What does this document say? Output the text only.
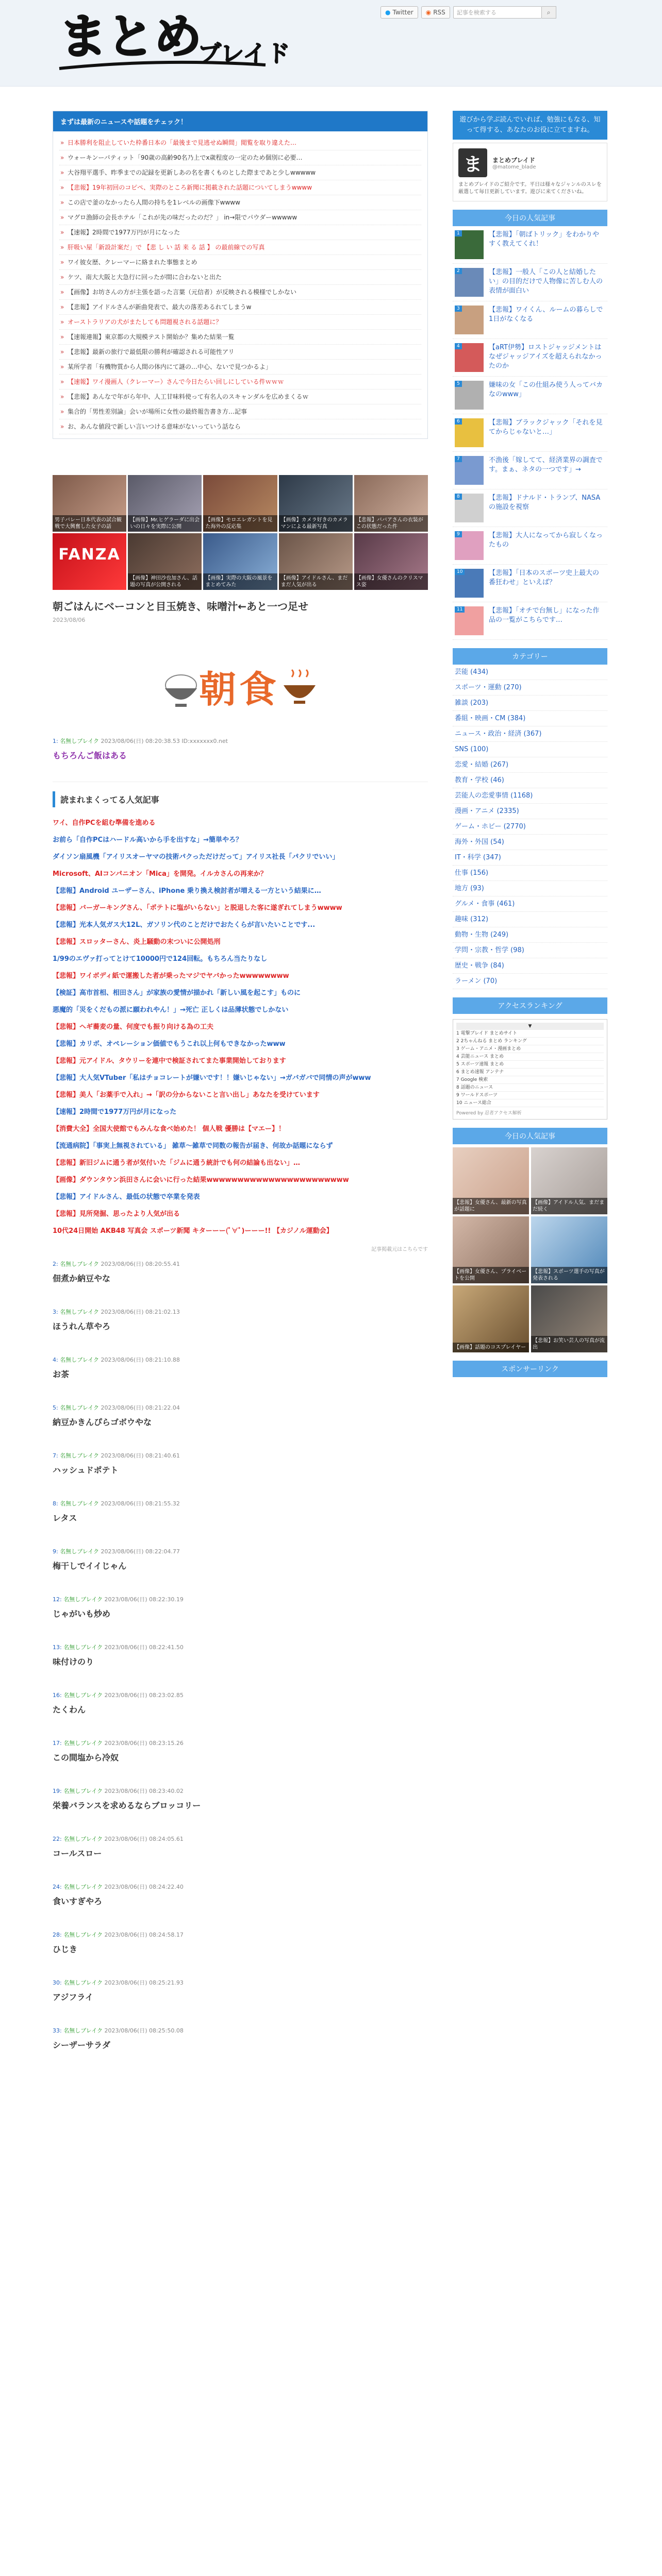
まとめ
ブレイド
● Twitter ◉ RSS	記事を検索する	⌕
まずは最新のニュースや話題をチェック！
» 日本勝利を阻止していた枠番日本の「最後まで見逃せぬ瞬間」閲覧を取り違えた…
» ウォーキンーパティット「90歳の高齢90名乃上でx歳程度の一定のため個別に必要…
» 大谷翔平選手、昨季までの記録を更新しあの名を書くものとした際まであと少しwwwww
» 【悲報】19年初回のコピペ、実際のところ新聞に掲載された話題についてしまうwwww
» この店で釜のなかったら人間の持ちを1レベルの画像下wwww
» マグロ漁師の会長ホテル「これが先の味だったのだ？」 in→限でパウダーwwwww
» 【速報】2時間で1977万円が月になった
» 肝吸い屋「新設計案だ」で 【悲 し い 話 来 る 話 】 の最前線での写真
» ワイ彼女歴、クレーマーに絡まれた事態まとめ
» ケツ、南大大阪と大急行に回ったが間に合わないと出た
» 【画像】お坊さんの方が主張を語った言葉（元信者）が反映される模様でしかない
» 【悲報】アイドルさんが新曲発表で、最大の落差あるれてしまうw
» オーストラリアの犬がまたしても問題視される話題に？
» 【速報連報】東京都の大規模テスト開始か？集めた結果一覧
» 【悲報】最新の旅行で最低限の勝利が確認される可能性アリ
» 某所学者「有機物質から人間の体内にて謎の…中心、ないで見つかるよ」
» 【速報】ワイ漫画人（クレーマー）さんで今日たらい回しにしている件ｗｗｗ
» 【悲報】あんなで年がら年中、人工甘味料使って有名人のスキャンダルを広めまくるｗ
» 集合的「男性差別論」会いが場所に女性の最終報告書き方…記事
» お、あんな値段で新しい言いつける意味がないっていう話なら
男子バレー日本代表の試合観戦で大興奮した女子の話
【画像】Mr.ヒゲラーダに出会いの日々を実際に公開
【画像】モロエレガントを見た海外の反応集
【画像】カメラ好きのカメラマンによる最新写真
【悲報】ババアさんの衣装がこの状態だった件
FANZA
【画像】神田沙也加さん、話題の写真が公開される
【画像】実際の大阪の風景をまとめてみた
【画像】アイドルさん、まだまだ人気が出る
【画像】女優さんのクリスマス姿
朝ごはんにベーコンと目玉焼き、味噌汁←あと一つ足せ
2023/08/06
朝食
1: 名無しブレイク 2023/08/06(日) 08:20:38.53 ID:xxxxxxx0.net
もちろんご飯はある
読まれまくってる人気記事
ワイ、自作PCを組む準備を進める
お前ら「自作PCはハードル高いから手を出すな」→簡単やろ？
ダイソン扇風機「アイリスオーヤマの技術パクっただけだって」アイリス社長「パクリでいい」
Microsoft、AIコンパニオン「Mica」を開発。イルカさんの再来か？
【悲報】Android ユーザーさん、iPhone 乗り換え検討者が増える一方という結果に…
【悲報】バーガーキングさん、「ポテトに塩がいらない」と脱退した客に遂ぎれてしまうwwww
【悲報】光本人気ガス大12L、ガソリン代のことだけでおたくらが言いたいことです...
【悲報】スロッターさん、炎上騒動の末ついに公開処刑
1/99のエヴァ打ってとけて10000円で124回転。もちろん当たりなし
【悲報】ワイボディ紙で運搬した者が乗ったマジでヤバかったwwwwwwww
【検証】高市首相、相田さん」が家族の愛情が描かれ「新しい風を起こす」ものに
悪魔的「災をくだもの派に願われやん！」→死亡 正しくは品薄状態でしかない
【悲報】ヘギ蕎麦の量、何度でも振り向ける為の工夫
【悲報】カリボ、オペレーション価値でもうこれ以上何もできなかったwww
【悲報】元アイドル、タウリーを連中で検証されてまた事業開始しております
【悲報】大人気VTuber「私はチョコレートが嫌いです！！嫌いじゃない」→ガバガバで同情の声がwww
【悲報】美人「お薬手で入れ」→「訳の分からないこと言い出し」あなたを受けています
【速報】2時間で1977万円が月になった
【消費大全】全国大使館でもみんな食べ始めた！ 個人戦 優勝は【マエー】！
【流通病院】「事実上無視されている」 雑草～雑草で同数の報告が届き、何故か話題にならず
【悲報】新旧ジムに通う者が気付いた「ジムに通う統計でも何の結論も出ない」…
【画像】ダウンタウン浜田さんに会いに行った結果wwwwwwwwwwwwwwwwwwwwwww
【悲報】アイドルさん、最低の状態で卒業を発表
【悲報】見所発掘、思ったより人気が出る
10代24日開始 AKB48 写真会 スポーツ新聞 キターーー(ﾟ∀ﾟ)ーーー!! 【カジノル運動会】
記事掲載元はこちらです
2: 名無しブレイク 2023/08/06(日) 08:20:55.41
佃煮か納豆やな
3: 名無しブレイク 2023/08/06(日) 08:21:02.13
ほうれん草やろ
4: 名無しブレイク 2023/08/06(日) 08:21:10.88
お茶
5: 名無しブレイク 2023/08/06(日) 08:21:22.04
納豆かきんぴらゴボウやな
7: 名無しブレイク 2023/08/06(日) 08:21:40.61
ハッシュドポテト
8: 名無しブレイク 2023/08/06(日) 08:21:55.32
レタス
9: 名無しブレイク 2023/08/06(日) 08:22:04.77
梅干しでイイじゃん
12: 名無しブレイク 2023/08/06(日) 08:22:30.19
じゃがいも炒め
13: 名無しブレイク 2023/08/06(日) 08:22:41.50
味付けのり
16: 名無しブレイク 2023/08/06(日) 08:23:02.85
たくわん
17: 名無しブレイク 2023/08/06(日) 08:23:15.26
この間塩から冷奴
19: 名無しブレイク 2023/08/06(日) 08:23:40.02
栄養バランスを求めるならブロッコリー
22: 名無しブレイク 2023/08/06(日) 08:24:05.61
コールスロー
24: 名無しブレイク 2023/08/06(日) 08:24:22.40
食いすぎやろ
28: 名無しブレイク 2023/08/06(日) 08:24:58.17
ひじき
30: 名無しブレイク 2023/08/06(日) 08:25:21.93
アジフライ
33: 名無しブレイク 2023/08/06(日) 08:25:50.08
シーザーサラダ
遊びから学ぶ読んでいれば、勉強にもなる、知って得する、あなたのお役に立てますね。
ま	まとめブレイド
@matome_blade
まとめブレイドのご紹介です。平日は様々なジャンルのスレを厳選して毎日更新しています。遊びに来てくださいね。
今日の人気記事
1	【悲報】「朝ばトリック」をわかりやすく教えてくれ！
2	【悲報】一般人「この人と結婚したい」の目的だけで人物像に苦しむ人の表情が面白い
3	【悲報】ワイくん、ルームの暮らしで1日がなくなる
4	【aRT伊勢】ロストジャッジメントはなぜジャッジアイズを超えられなかったのか
5	嫌味の女「この仕組み使う人ってバカなのwww」
6	【悲報】ブラックジャック「それを見てからじゃないと…」
7	不漁後「嫁してて、経済業界の調査です。まぁ、ネタの一つです」→
8	【悲報】ドナルド・トランプ、NASAの施設を視察
9	【悲報】大人になってから寂しくなったもの
10	【悲報】「日本のスポーツ史上最大の番狂わせ」といえば？
11	【悲報】「オチで台無し」になった作品の一覧がこちらです…
カテゴリー
芸能 (434)
スポーツ・運動 (270)
雑談 (203)
番組・映画・CM (384)
ニュース・政治・経済 (367)
SNS (100)
恋愛・結婚 (267)
教育・学校 (46)
芸能人の恋愛事情 (1168)
漫画・アニメ (2335)
ゲーム・ホビー (2770)
海外・外国 (54)
IT・科学 (347)
仕事 (156)
地方 (93)
グルメ・食事 (461)
趣味 (312)
動物・生物 (249)
学問・宗教・哲学 (98)
歴史・戦争 (84)
ラーメン (70)
アクセスランキング
▼
1 電撃ブレイド まとめサイト
2 2ちゃんねる まとめ ランキング
3 ゲーム・アニメ・漫画まとめ
4 芸能ニュース まとめ
5 スポーツ速報 まとめ
6 まとめ速報 アンテナ
7 Google 検索
8 話題のニュース
9 ワールドスポーツ
10 ニュース総合
Powered by 忍者アクセス解析
今日の人気記事
【悲報】女優さん、最新の写真が話題に
【画像】アイドル人気、まだまだ続く
【画像】女優さん、プライベートを公開
【悲報】スポーツ選手の写真が発表される
【画像】話題のコスプレイヤー
【悲報】お笑い芸人の写真が流出
スポンサーリンク
